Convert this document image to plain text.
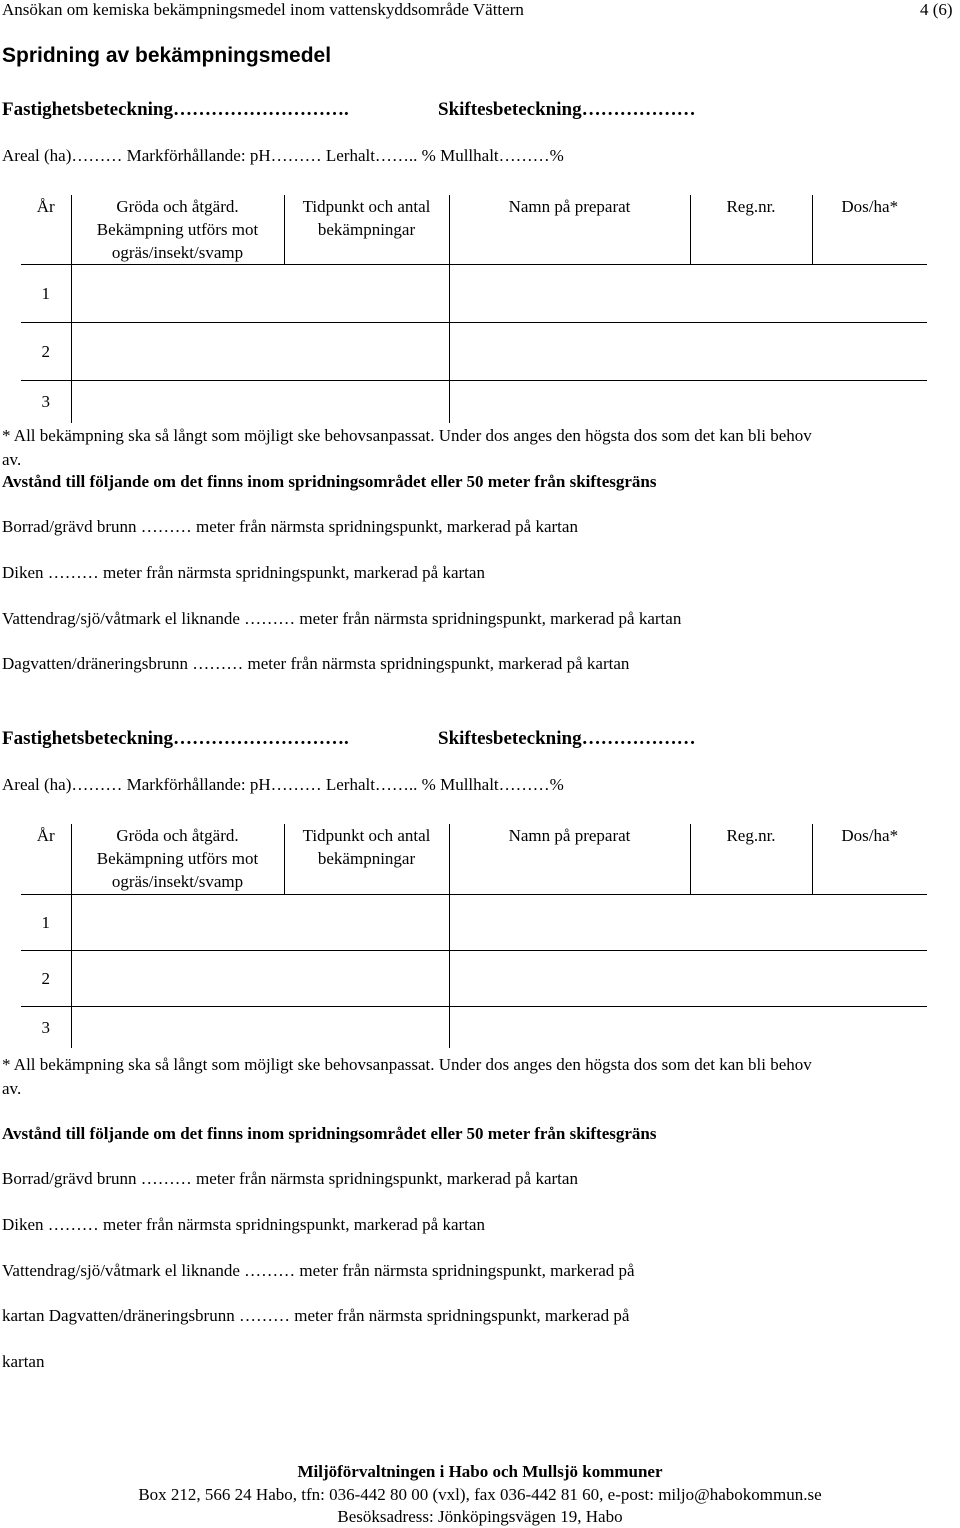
Ansökan om kemiska bekämpningsmedel inom vattenskyddsområde Vättern	4 (6)
Spridning av bekämpningsmedel
Fastighetsbeteckning……………………….	Skiftesbeteckning………………
Areal (ha)……… Markförhållande: pH……… Lerhalt…….. % Mullhalt………%
År	Gröda och åtgärd. Bekämpning utförs mot ogräs/insekt/svamp	Tidpunkt och antal bekämpningar	Namn på preparat	Reg.nr.	Dos/ha*
1					
2					
3					
* All bekämpning ska så långt som möjligt ske behovsanpassat. Under dos anges den högsta dos som det kan bli behov
av.
Avstånd till följande om det finns inom spridningsområdet eller 50 meter från skiftesgräns
Borrad/grävd brunn ……… meter från närmsta spridningspunkt, markerad på kartan
Diken ……… meter från närmsta spridningspunkt, markerad på kartan
Vattendrag/sjö/våtmark el liknande ……… meter från närmsta spridningspunkt, markerad på kartan
Dagvatten/dräneringsbrunn ……… meter från närmsta spridningspunkt, markerad på kartan
Fastighetsbeteckning……………………….	Skiftesbeteckning………………
Areal (ha)……… Markförhållande: pH……… Lerhalt…….. % Mullhalt………%
År	Gröda och åtgärd. Bekämpning utförs mot ogräs/insekt/svamp	Tidpunkt och antal bekämpningar	Namn på preparat	Reg.nr.	Dos/ha*
1					
2					
3					
* All bekämpning ska så långt som möjligt ske behovsanpassat. Under dos anges den högsta dos som det kan bli behov
av.
Avstånd till följande om det finns inom spridningsområdet eller 50 meter från skiftesgräns
Borrad/grävd brunn ……… meter från närmsta spridningspunkt, markerad på kartan
Diken ……… meter från närmsta spridningspunkt, markerad på kartan
Vattendrag/sjö/våtmark el liknande ……… meter från närmsta spridningspunkt, markerad på
kartan Dagvatten/dräneringsbrunn ……… meter från närmsta spridningspunkt, markerad på
kartan
Miljöförvaltningen i Habo och Mullsjö kommuner
Box 212, 566 24 Habo, tfn: 036-442 80 00 (vxl), fax 036-442 81 60, e-post: miljo@habokommun.se
Besöksadress: Jönköpingsvägen 19, Habo
